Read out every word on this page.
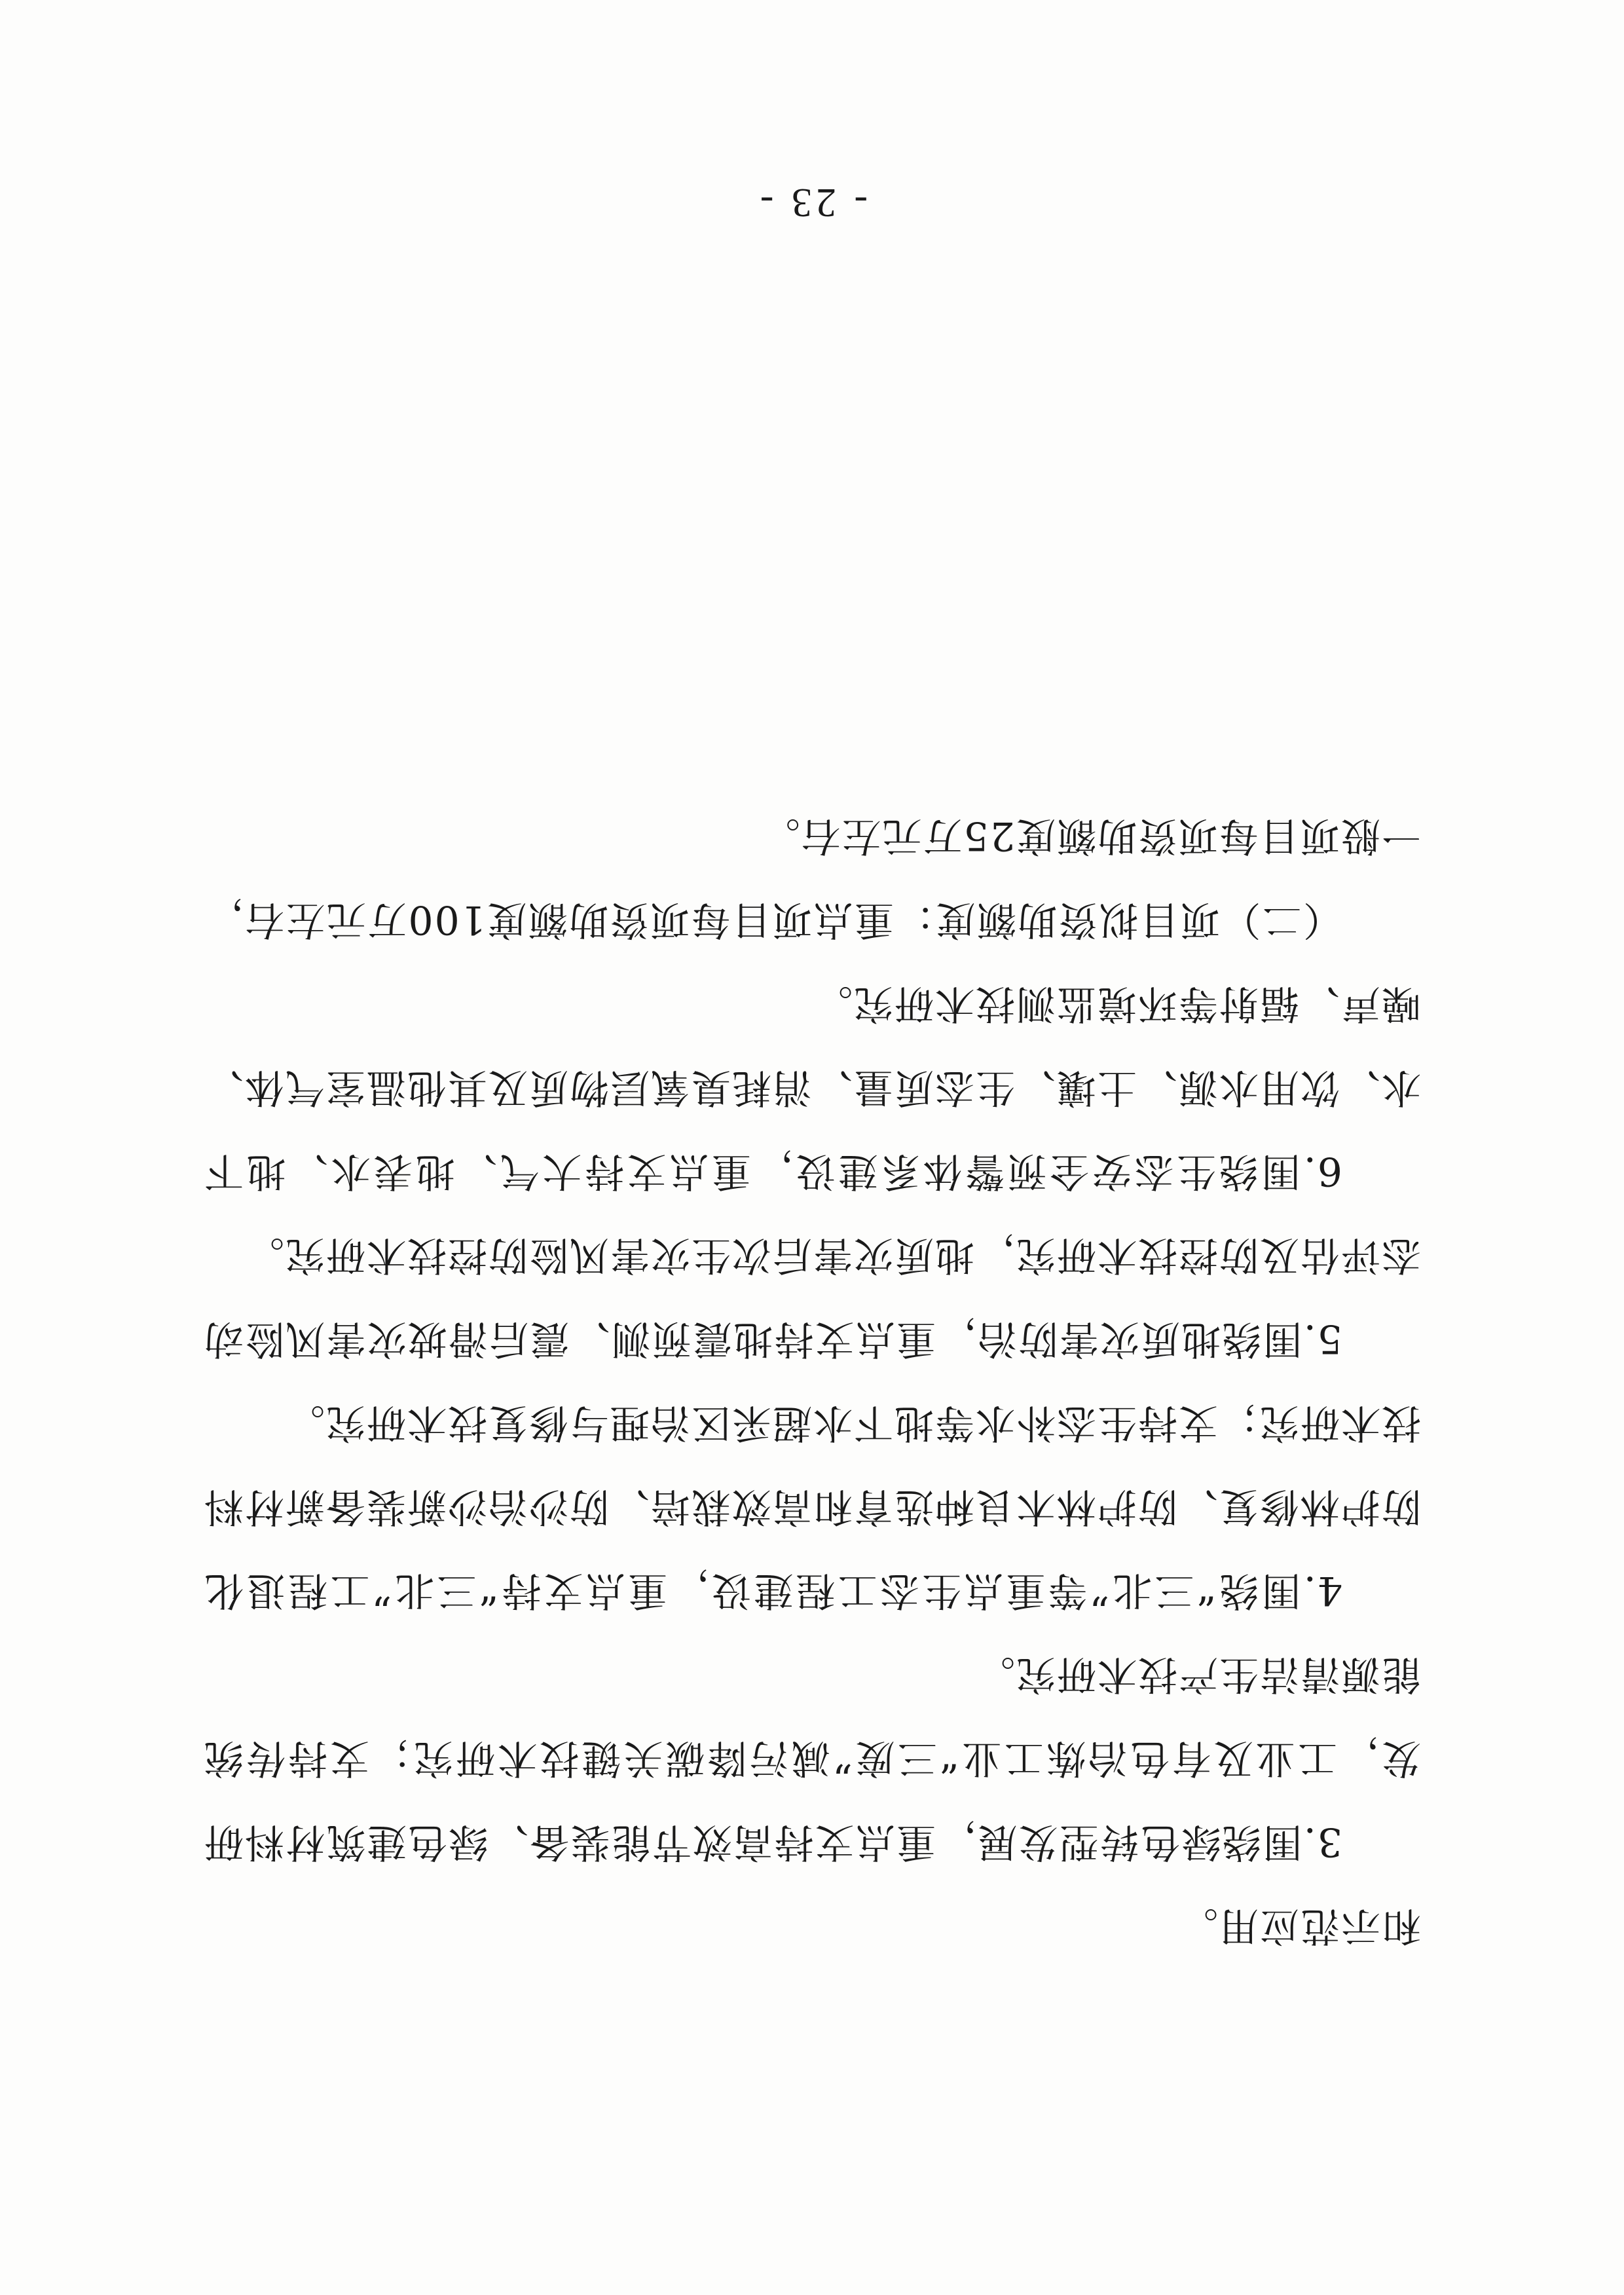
和示范应用。

3.围绕绿色转型发展，重点支持高效节能装备、绿色建筑材料研发，工业及有色冶炼工业“三废”减污降碳关键技术研究；支持传统能源清洁生产技术研究。

4.围绕“三北”等重点生态工程建设，重点支持“三北”工程退化防护林修复、防护林木良种选育和高效栽培、防沙治沙新装备新材料技术研究；支持生态补水等地下水超采区治理与修复技术研究。

5.围绕地质灾害防治，重点支持地震预测、震后滑坡灾害风险动态评估及防控技术研究，地质灾害后次生灾害风险防控技术研究。

6.围绕生态安全预警体系建设，重点支持大气、地表水、地下水、饮用水源、土壤、生态质量、消耗臭氧层物质及其他温室气体、噪声、辐射等环境监测技术研究。

（二）项目拟资助额度：重点项目每项资助额度100万元左右，一般项目每项资助额度25万元左右。

- 23 -
